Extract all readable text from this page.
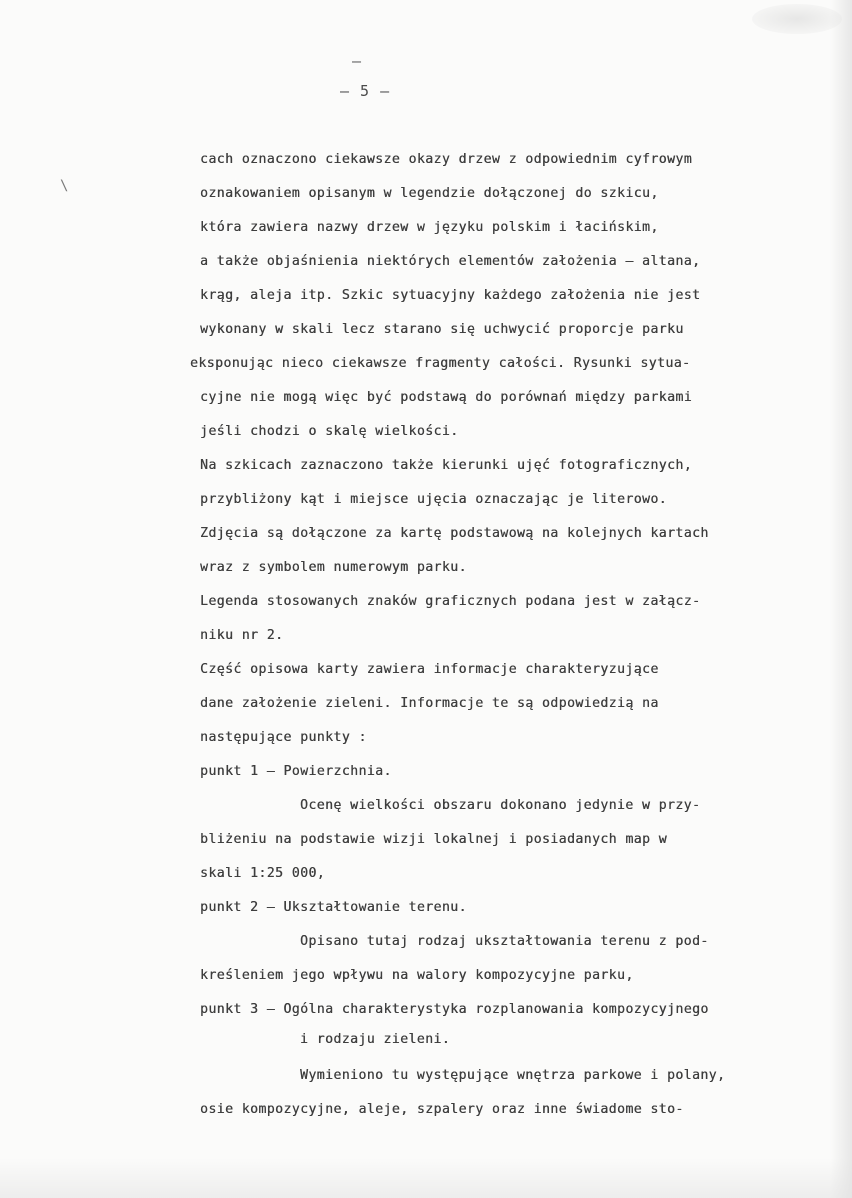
–
– 5 –
\
cach oznaczono ciekawsze okazy drzew z odpowiednim cyfrowym
oznakowaniem opisanym w legendzie dołączonej do szkicu,
która zawiera nazwy drzew w języku polskim i łacińskim,
a także objaśnienia niektórych elementów założenia – altana,
krąg, aleja itp. Szkic sytuacyjny każdego założenia nie jest
wykonany w skali lecz starano się uchwycić proporcje parku
eksponując nieco ciekawsze fragmenty całości. Rysunki sytua-
cyjne nie mogą więc być podstawą do porównań między parkami
jeśli chodzi o skalę wielkości.
Na szkicach zaznaczono także kierunki ujęć fotograficznych,
przybliżony kąt i miejsce ujęcia oznaczając je literowo.
Zdjęcia są dołączone za kartę podstawową na kolejnych kartach
wraz z symbolem numerowym parku.
Legenda stosowanych znaków graficznych podana jest w załącz-
niku nr 2.
Część opisowa karty zawiera informacje charakteryzujące
dane założenie zieleni. Informacje te są odpowiedzią na
następujące punkty :
punkt 1 – Powierzchnia.
Ocenę wielkości obszaru dokonano jedynie w przy-
bliżeniu na podstawie wizji lokalnej i posiadanych map w
skali 1:25 000,
punkt 2 – Ukształtowanie terenu.
Opisano tutaj rodzaj ukształtowania terenu z pod-
kreśleniem jego wpływu na walory kompozycyjne parku,
punkt 3 – Ogólna charakterystyka rozplanowania kompozycyjnego
i rodzaju zieleni.
Wymieniono tu występujące wnętrza parkowe i polany,
osie kompozycyjne, aleje, szpalery oraz inne świadome sto-
